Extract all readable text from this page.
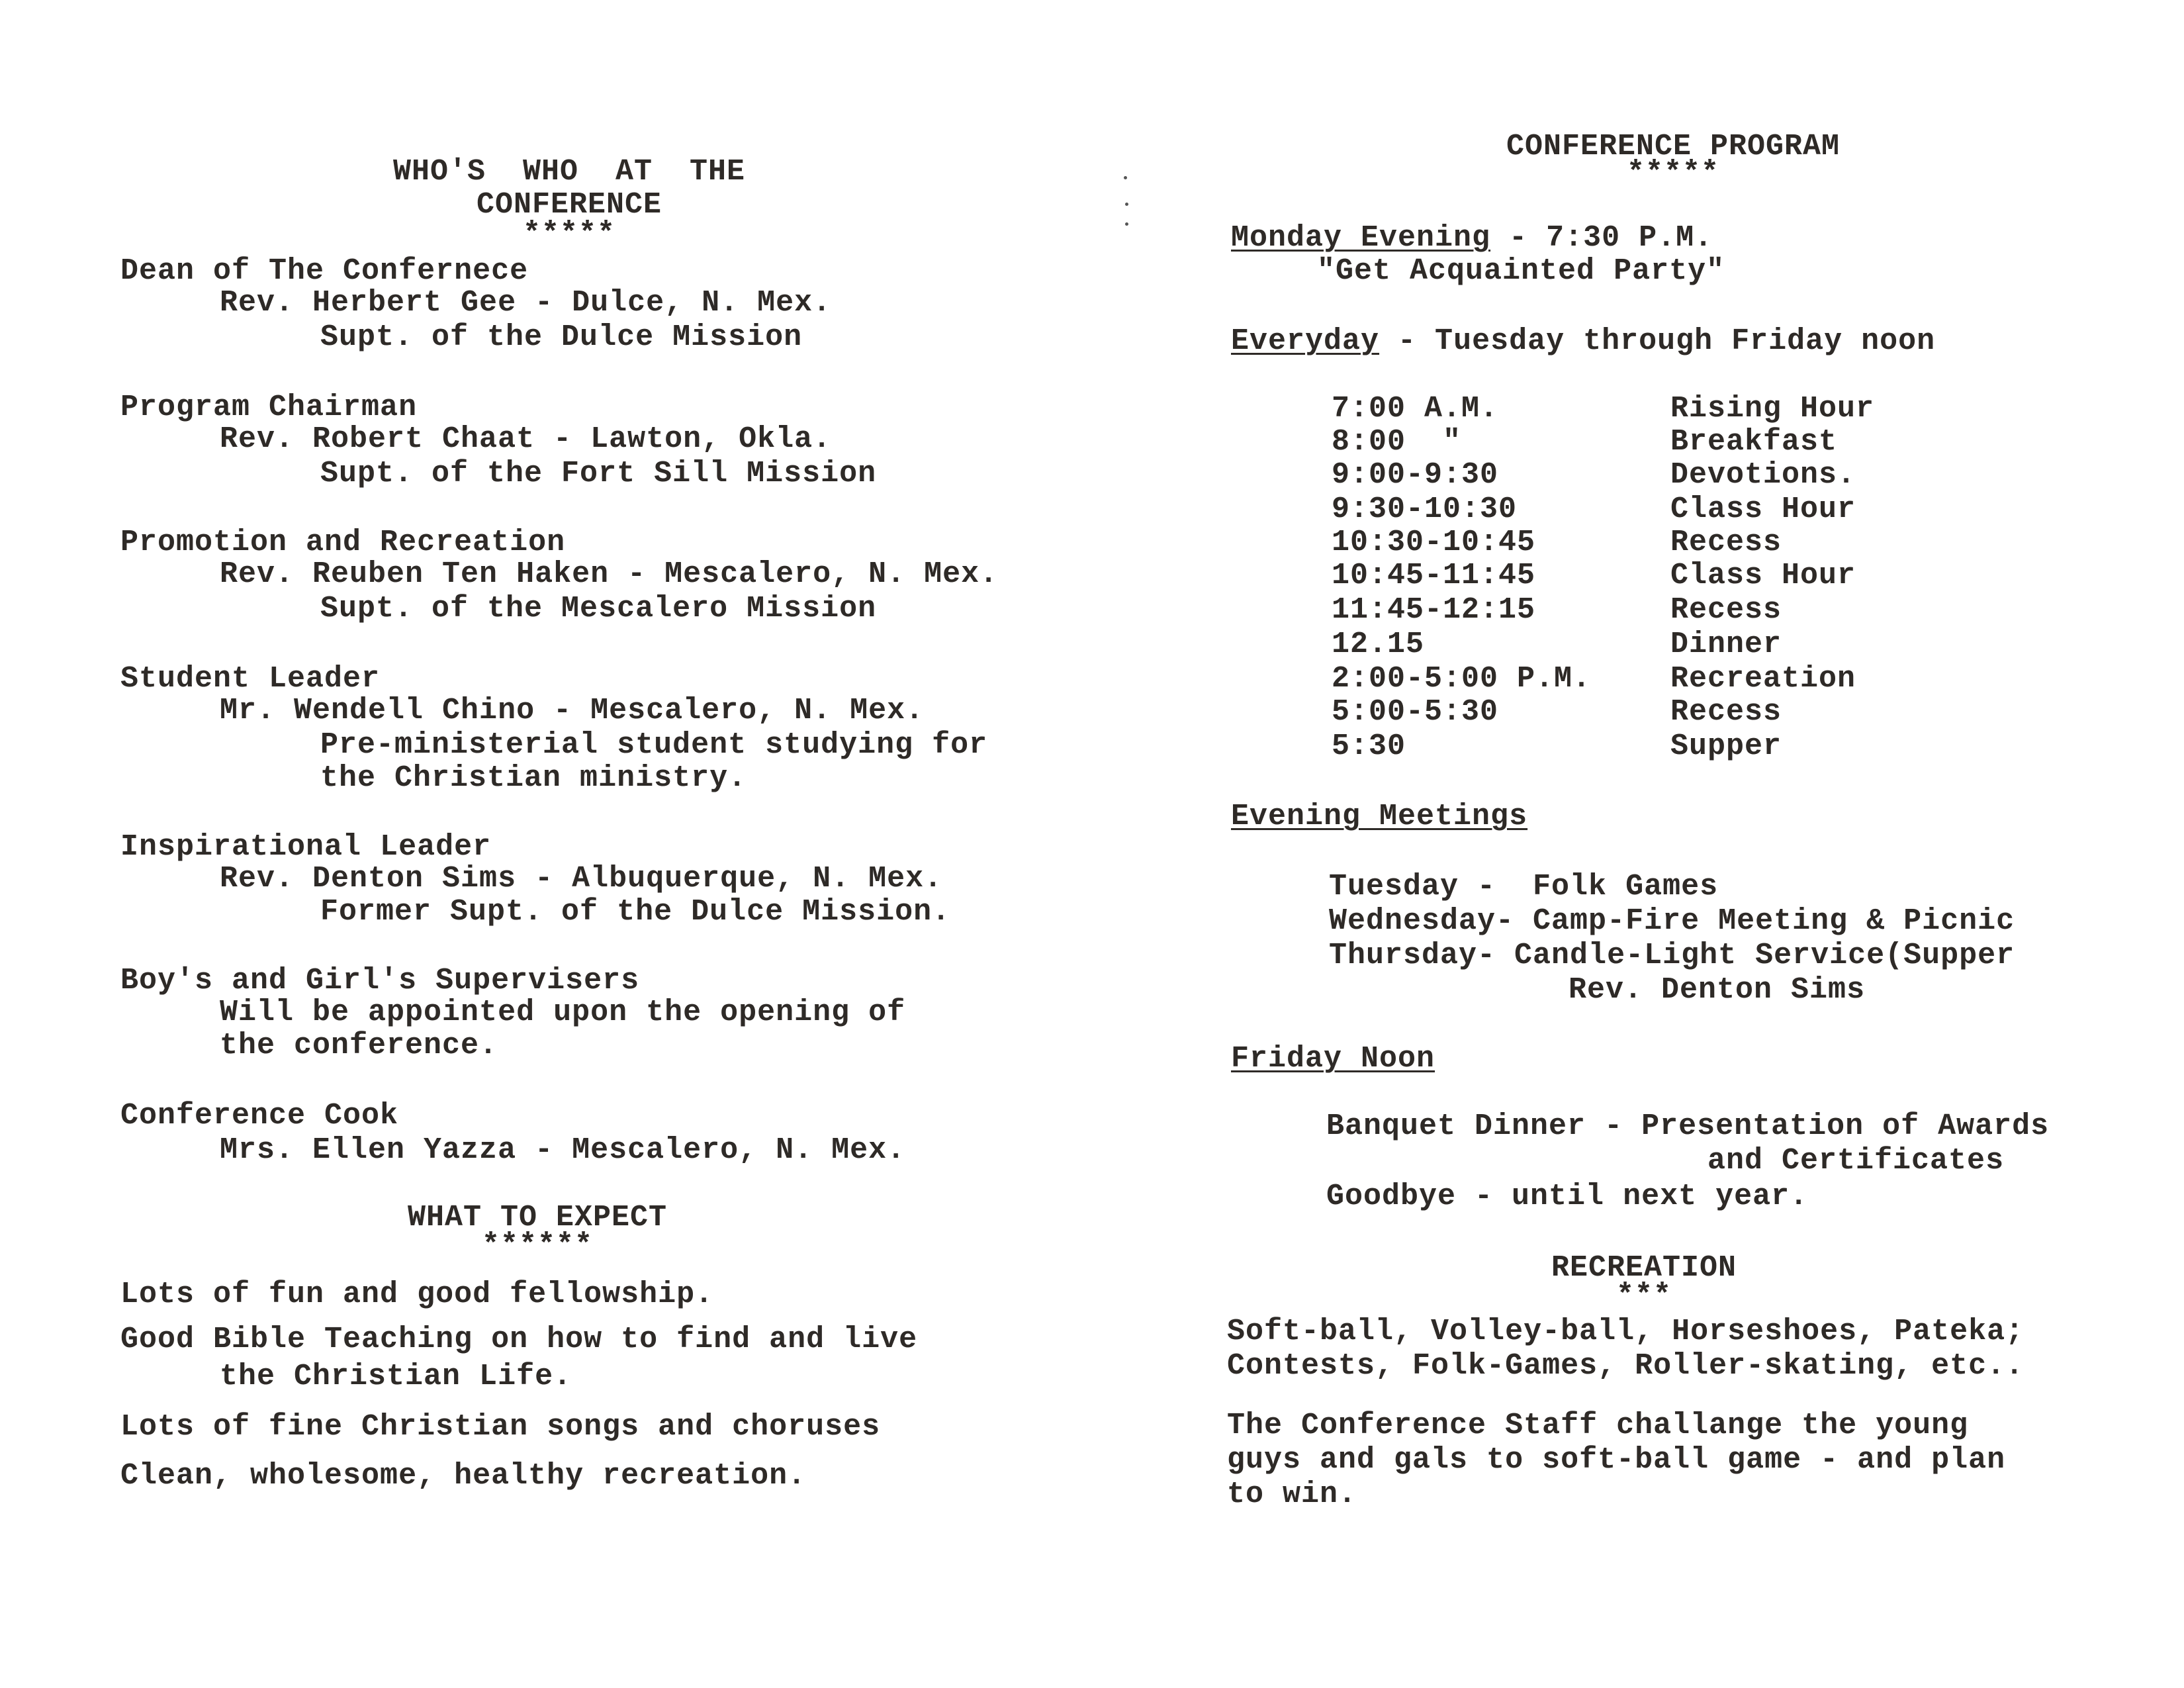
WHO'S  WHO  AT  THE
CONFERENCE
*****
Dean of The Confernece
Rev. Herbert Gee - Dulce, N. Mex.
Supt. of the Dulce Mission
Program Chairman
Rev. Robert Chaat - Lawton, Okla.
Supt. of the Fort Sill Mission
Promotion and Recreation
Rev. Reuben Ten Haken - Mescalero, N. Mex.
Supt. of the Mescalero Mission
Student Leader
Mr. Wendell Chino - Mescalero, N. Mex.
Pre-ministerial student studying for
the Christian ministry.
Inspirational Leader
Rev. Denton Sims - Albuquerque, N. Mex.
Former Supt. of the Dulce Mission.
Boy's and Girl's Supervisers
Will be appointed upon the opening of
the conference.
Conference Cook
Mrs. Ellen Yazza - Mescalero, N. Mex.
WHAT TO EXPECT
******
Lots of fun and good fellowship.
Good Bible Teaching on how to find and live
the Christian Life.
Lots of fine Christian songs and choruses
Clean, wholesome, healthy recreation.
CONFERENCE PROGRAM
*****
Monday Evening - 7:30 P.M.
"Get Acquainted Party"
Everyday - Tuesday through Friday noon
7:00 A.M.	Rising Hour
8:00  "	Breakfast
9:00-9:30	Devotions.
9:30-10:30	Class Hour
10:30-10:45	Recess
10:45-11:45	Class Hour
11:45-12:15	Recess
12.15	Dinner
2:00-5:00 P.M.	Recreation
5:00-5:30	Recess
5:30	Supper
Evening Meetings
Tuesday -  Folk Games
Wednesday- Camp-Fire Meeting & Picnic
Thursday- Candle-Light Service(Supper
Rev. Denton Sims
Friday Noon
Banquet Dinner - Presentation of Awards
and Certificates
Goodbye - until next year.
RECREATION
***
Soft-ball, Volley-ball, Horseshoes, Pateka;
Contests, Folk-Games, Roller-skating, etc..
The Conference Staff challange the young
guys and gals to soft-ball game - and plan
to win.
